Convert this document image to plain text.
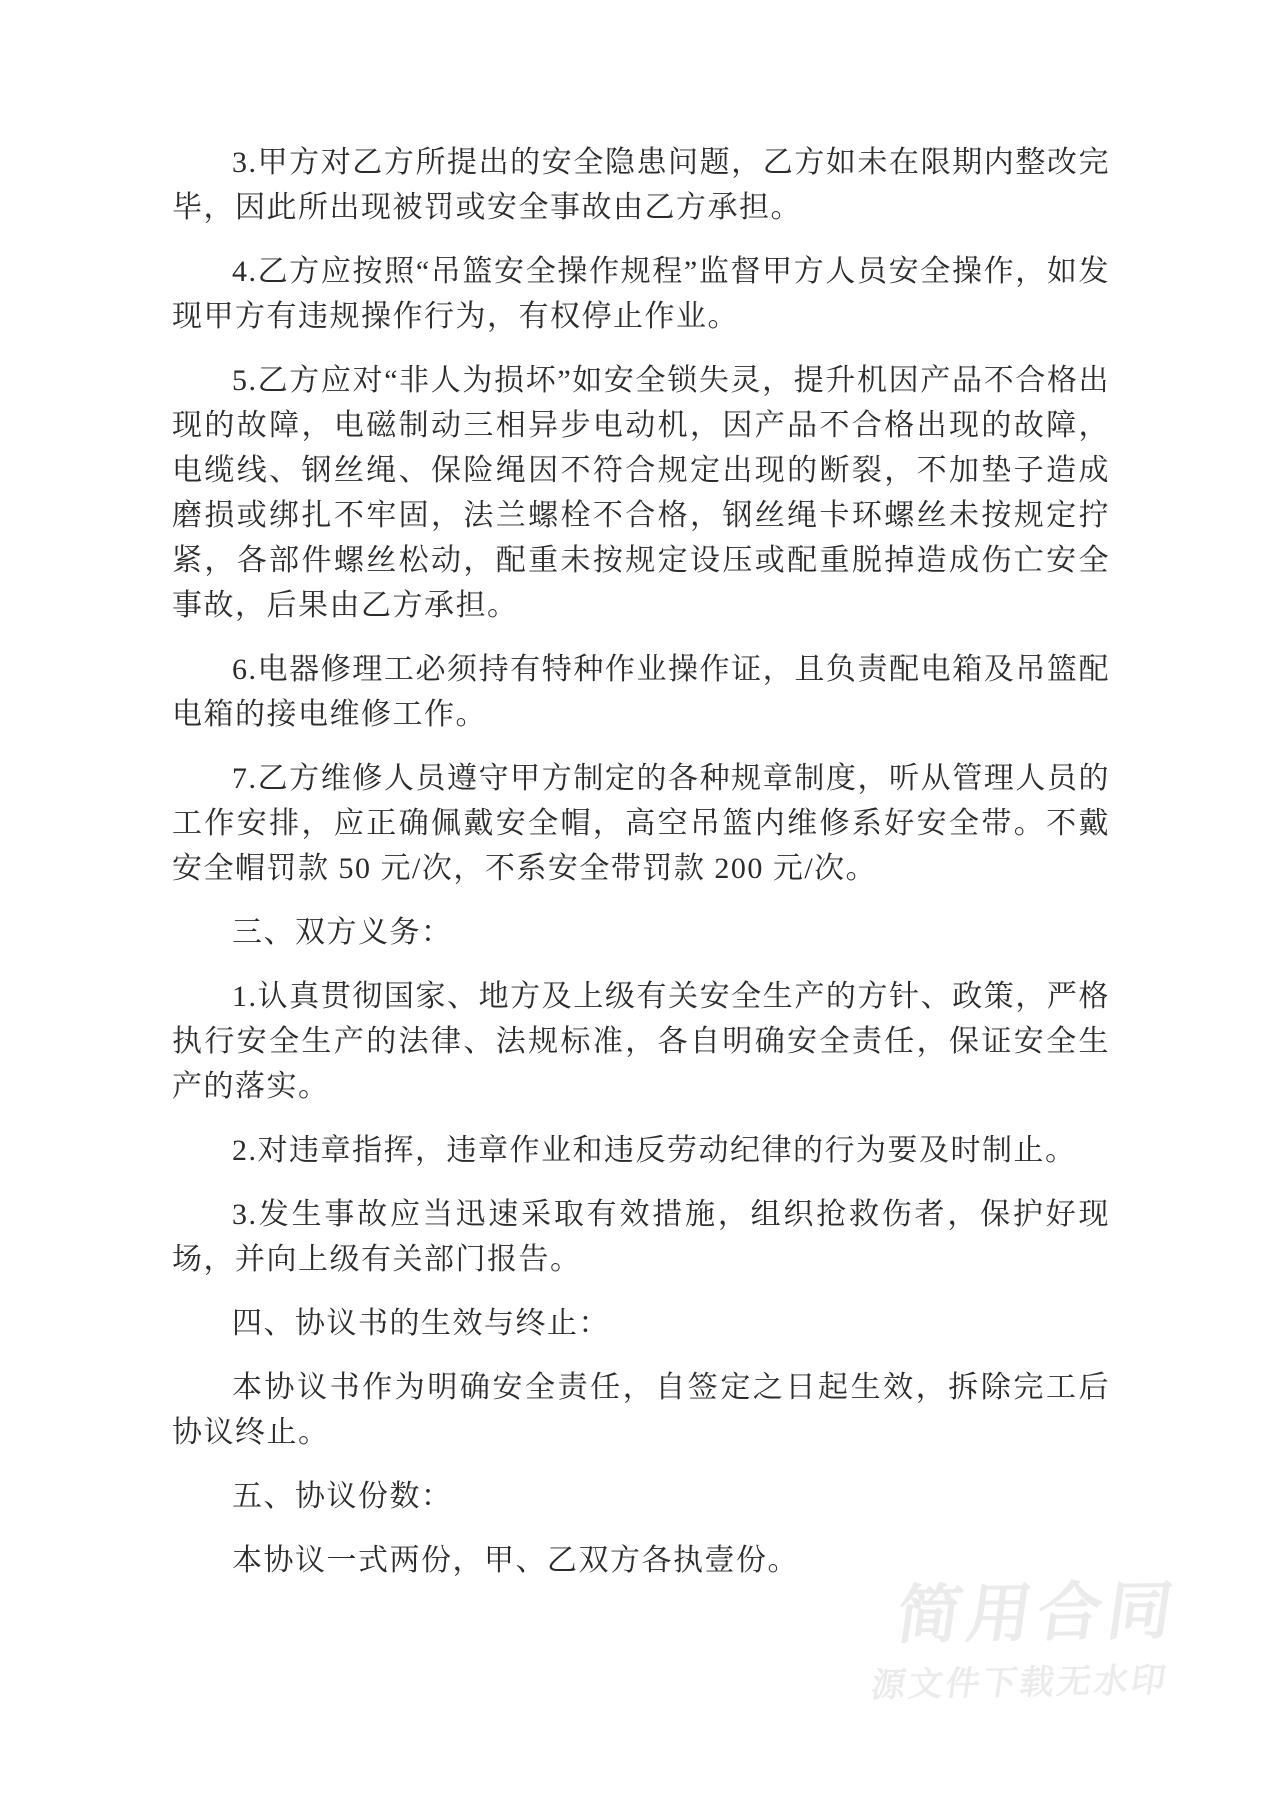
3.甲方对乙方所提出的安全隐患问题，乙方如未在限期内整改完毕，因此所出现被罚或安全事故由乙方承担。

4.乙方应按照“吊篮安全操作规程”监督甲方人员安全操作，如发现甲方有违规操作行为，有权停止作业。

5.乙方应对“非人为损坏”如安全锁失灵，提升机因产品不合格出现的故障，电磁制动三相异步电动机，因产品不合格出现的故障，电缆线、钢丝绳、保险绳因不符合规定出现的断裂，不加垫子造成磨损或绑扎不牢固，法兰螺栓不合格，钢丝绳卡环螺丝未按规定拧紧，各部件螺丝松动，配重未按规定设压或配重脱掉造成伤亡安全事故，后果由乙方承担。

6.电器修理工必须持有特种作业操作证，且负责配电箱及吊篮配电箱的接电维修工作。

7.乙方维修人员遵守甲方制定的各种规章制度，听从管理人员的工作安排，应正确佩戴安全帽，高空吊篮内维修系好安全带。不戴安全帽罚款 50 元/次，不系安全带罚款 200 元/次。

三、双方义务：

1.认真贯彻国家、地方及上级有关安全生产的方针、政策，严格执行安全生产的法律、法规标准，各自明确安全责任，保证安全生产的落实。

2.对违章指挥，违章作业和违反劳动纪律的行为要及时制止。

3.发生事故应当迅速采取有效措施，组织抢救伤者，保护好现场，并向上级有关部门报告。

四、协议书的生效与终止：

本协议书作为明确安全责任，自签定之日起生效，拆除完工后协议终止。

五、协议份数：

本协议一式两份，甲、乙双方各执壹份。

简用合同
源文件下载无水印
